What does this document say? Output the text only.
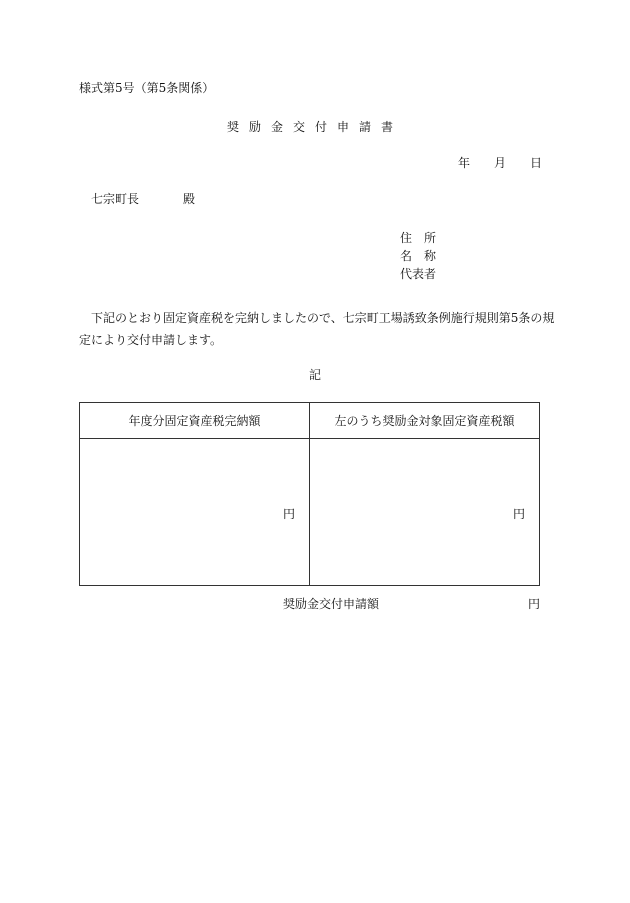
様式第5号（第5条関係）
奨励金交付申請書
年 月 日
七宗町長	殿
住　所
名　称
代表者
下記のとおり固定資産税を完納しましたので、七宗町工場誘致条例施行規則第5条の規定により交付申請します。
記
年度分固定資産税完納額	左のうち奨励金対象固定資産税額
円	円
奨励金交付申請額	円
